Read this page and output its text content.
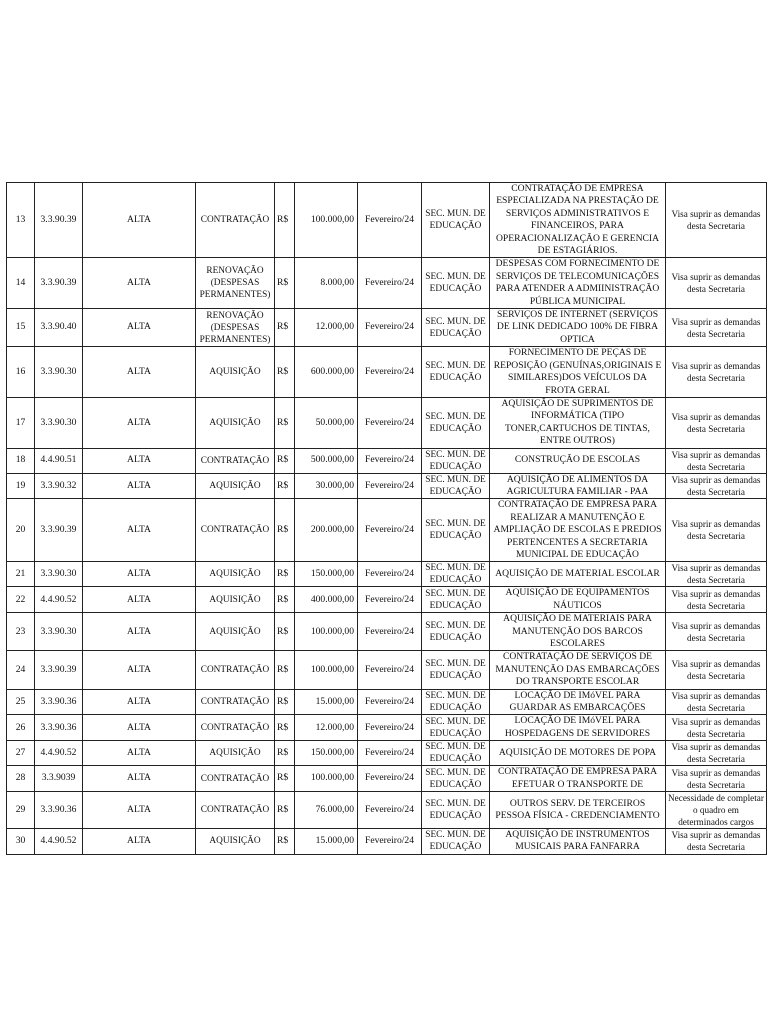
13	3.3.90.39	ALTA	CONTRATAÇÃO	R$	100.000,00	Fevereiro/24	SEC. MUN. DE EDUCAÇÃO	CONTRATAÇÃO DE EMPRESA ESPECIALIZADA NA PRESTAÇÃO DE SERVIÇOS ADMINISTRATIVOS E FINANCEIROS, PARA OPERACIONALIZAÇÃO E GERENCIA DE ESTAGIÁRIOS.	Visa suprir as demandas desta Secretaria

14	3.3.90.39	ALTA	RENOVAÇÃO (DESPESAS PERMANENTES)	R$	8.000,00	Fevereiro/24	SEC. MUN. DE EDUCAÇÃO	DESPESAS COM FORNECIMENTO DE SERVIÇOS DE TELECOMUNICAÇÕES PARA ATENDER A ADMIINISTRAÇÃO PÚBLICA MUNICIPAL	Visa suprir as demandas desta Secretaria

15	3.3.90.40	ALTA	RENOVAÇÃO (DESPESAS PERMANENTES)	R$	12.000,00	Fevereiro/24	SEC. MUN. DE EDUCAÇÃO	SERVIÇOS DE INTERNET (SERVIÇOS DE LINK DEDICADO 100% DE FIBRA OPTICA	Visa suprir as demandas desta Secretaria

16	3.3.90.30	ALTA	AQUISIÇÃO	R$	600.000,00	Fevereiro/24	SEC. MUN. DE EDUCAÇÃO	FORNECIMENTO DE PEÇAS DE REPOSIÇÃO (GENUÍNAS,ORIGINAIS E SIMILARES)DOS VEÍCULOS DA FROTA GERAL	Visa suprir as demandas desta Secretaria

17	3.3.90.30	ALTA	AQUISIÇÃO	R$	50.000,00	Fevereiro/24	SEC. MUN. DE EDUCAÇÃO	AQUISIÇÃO DE SUPRIMENTOS DE INFORMÁTICA (TIPO TONER,CARTUCHOS DE TINTAS, ENTRE OUTROS)	Visa suprir as demandas desta Secretaria

18	4.4.90.51	ALTA	CONTRATAÇÃO	R$	500.000,00	Fevereiro/24	SEC. MUN. DE EDUCAÇÃO	CONSTRUÇÃO DE ESCOLAS	Visa suprir as demandas desta Secretaria

19	3.3.90.32	ALTA	AQUISIÇÃO	R$	30.000,00	Fevereiro/24	SEC. MUN. DE EDUCAÇÃO	AQUISIÇÃO DE ALIMENTOS DA AGRICULTURA FAMILIAR - PAA	Visa suprir as demandas desta Secretaria

20	3.3.90.39	ALTA	CONTRATAÇÃO	R$	200.000,00	Fevereiro/24	SEC. MUN. DE EDUCAÇÃO	CONTRATAÇÃO DE EMPRESA PARA REALIZAR A MANUTENÇÃO E AMPLIAÇÃO DE ESCOLAS E PREDIOS PERTENCENTES A SECRETARIA MUNICIPAL DE EDUCAÇÃO	Visa suprir as demandas desta Secretaria

21	3.3.90.30	ALTA	AQUISIÇÃO	R$	150.000,00	Fevereiro/24	SEC. MUN. DE EDUCAÇÃO	AQUISIÇÃO DE MATERIAL ESCOLAR	Visa suprir as demandas desta Secretaria

22	4.4.90.52	ALTA	AQUISIÇÃO	R$	400.000,00	Fevereiro/24	SEC. MUN. DE EDUCAÇÃO	AQUISIÇÃO DE EQUIPAMENTOS NÁUTICOS	Visa suprir as demandas desta Secretaria

23	3.3.90.30	ALTA	AQUISIÇÃO	R$	100.000,00	Fevereiro/24	SEC. MUN. DE EDUCAÇÃO	AQUISIÇÃO DE MATERIAIS PARA MANUTENÇÃO DOS BARCOS ESCOLARES	Visa suprir as demandas desta Secretaria

24	3.3.90.39	ALTA	CONTRATAÇÃO	R$	100.000,00	Fevereiro/24	SEC. MUN. DE EDUCAÇÃO	CONTRATAÇÃO DE SERVIÇOS DE MANUTENÇÃO DAS EMBARCAÇÕES DO TRANSPORTE ESCOLAR	Visa suprir as demandas desta Secretaria

25	3.3.90.36	ALTA	CONTRATAÇÃO	R$	15.000,00	Fevereiro/24	SEC. MUN. DE EDUCAÇÃO	LOCAÇÃO DE IMóVEL PARA GUARDAR AS EMBARCAÇÕES	Visa suprir as demandas desta Secretaria

26	3.3.90.36	ALTA	CONTRATAÇÃO	R$	12.000,00	Fevereiro/24	SEC. MUN. DE EDUCAÇÃO	LOCAÇÃO DE IMóVEL PARA HOSPEDAGENS DE SERVIDORES	Visa suprir as demandas desta Secretaria

27	4.4.90.52	ALTA	AQUISIÇÃO	R$	150.000,00	Fevereiro/24	SEC. MUN. DE EDUCAÇÃO	AQUISIÇÃO DE MOTORES DE POPA	Visa suprir as demandas desta Secretaria

28	3.3.9039	ALTA	CONTRATAÇÃO	R$	100.000,00	Fevereiro/24	SEC. MUN. DE EDUCAÇÃO	CONTRATAÇÃO DE EMPRESA PARA EFETUAR O TRANSPORTE DE	Visa suprir as demandas desta Secretaria

29	3.3.90.36	ALTA	CONTRATAÇÃO	R$	76.000,00	Fevereiro/24	SEC. MUN. DE EDUCAÇÃO	OUTROS SERV. DE TERCEIROS PESSOA FÍSICA - CREDENCIAMENTO	Necessidade de completar o quadro em determinados cargos

30	4.4.90.52	ALTA	AQUISIÇÃO	R$	15.000,00	Fevereiro/24	SEC. MUN. DE EDUCAÇÃO	AQUISIÇÃO DE INSTRUMENTOS MUSICAIS PARA FANFARRA	Visa suprir as demandas desta Secretaria
